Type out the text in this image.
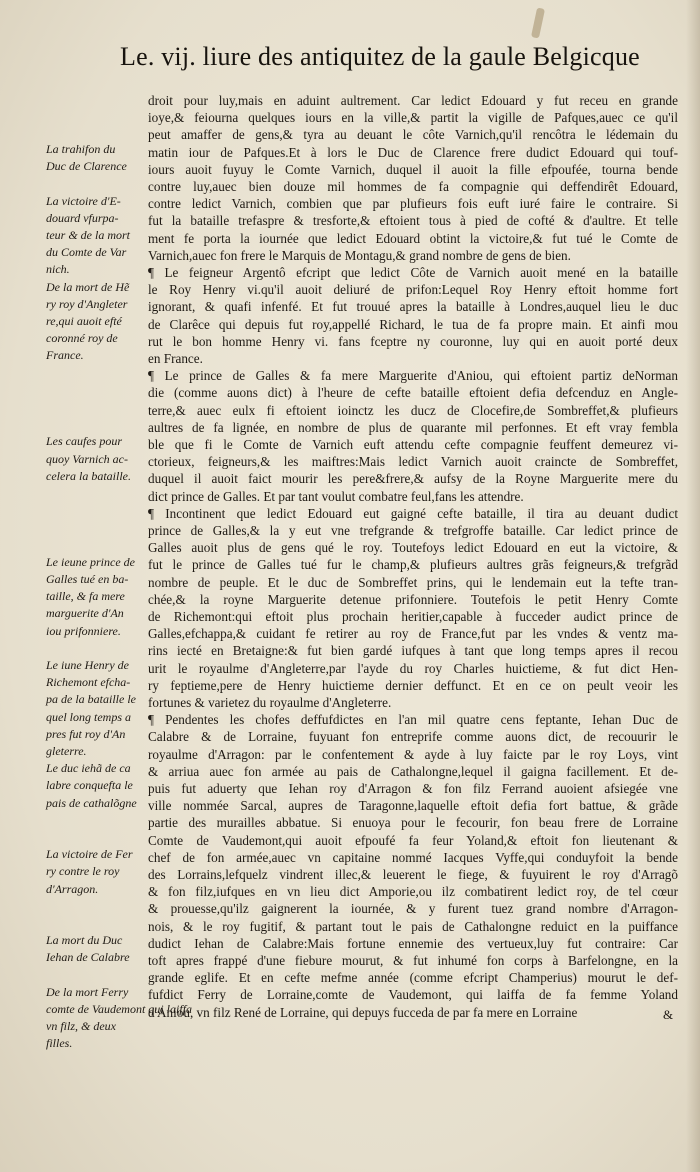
Le. vij. liure des antiquitez de la gaule Belgicque
droit pour luy,mais en aduint aultrement. Car ledict Edouard y fut receu en grande
ioye,& feiourna quelques iours en la ville,& partit la vigille de Pafques,auec ce qu'il
peut amaffer de gens,& tyra au deuant le côte Varnich,qu'il rencôtra le lédemain du
matin iour de Pafques.Et à lors le Duc de Clarence frere dudict Edouard qui touf-
iours auoit fuyuy le Comte Varnich, duquel il auoit la fille efpoufée, tourna bende
contre luy,auec bien douze mil hommes de fa compagnie qui deffendirêt Edouard,
contre ledict Varnich, combien que par plufieurs fois euft iuré faire le contraire. Si
fut la bataille trefaspre & tresforte,& eftoient tous à pied de cofté & d'aultre. Et telle
ment fe porta la iournée que ledict Edouard obtint la victoire,& fut tué le Comte de
Varnich,auec fon frere le Marquis de Montagu,& grand nombre de gens de bien.
¶ Le feigneur Argentô efcript que ledict Côte de Varnich auoit mené en la bataille
le Roy Henry vi.qu'il auoit deliuré de prifon:Lequel Roy Henry eftoit homme fort
ignorant, & quafi infenfé. Et fut trouué apres la bataille à Londres,auquel lieu le duc
de Clarêce qui depuis fut roy,appellé Richard, le tua de fa propre main. Et ainfi mou
rut le bon homme Henry vi. fans fceptre ny couronne, luy qui en auoit porté deux
en France.
¶ Le prince de Galles & fa mere Marguerite d'Aniou, qui eftoient partiz deNorman
die (comme auons dict) à l'heure de cefte bataille eftoient defia defcenduz en Angle-
terre,& auec eulx fi eftoient ioinctz les ducz de Clocefire,de Sombreffet,& plufieurs
aultres de fa lignée, en nombre de plus de quarante mil perfonnes. Et eft vray fembla
ble que fi le Comte de Varnich euft attendu cefte compagnie feuffent demeurez vi-
ctorieux, feigneurs,& les maiftres:Mais ledict Varnich auoit craincte de Sombreffet,
duquel il auoit faict mourir les pere&frere,& aufsy de la Royne Marguerite mere du
dict prince de Galles. Et par tant voulut combatre feul,fans les attendre.
¶ Incontinent que ledict Edouard eut gaigné cefte bataille, il tira au deuant dudict
prince de Galles,& la y eut vne trefgrande & trefgroffe bataille. Car ledict prince de
Galles auoit plus de gens qué le roy. Toutefoys ledict Edouard en eut la victoire, &
fut le prince de Galles tué fur le champ,& plufieurs aultres grãs feigneurs,& trefgrãd
nombre de peuple. Et le duc de Sombreffet prins, qui le lendemain eut la tefte tran-
chée,& la royne Marguerite detenue prifonniere. Toutefois le petit Henry Comte
de Richemont:qui eftoit plus prochain heritier,capable à fucceder audict prince de
Galles,efchappa,& cuidant fe retirer au roy de France,fut par les vndes & ventz ma-
rins iecté en Bretaigne:& fut bien gardé iufques à tant que long temps apres il recou
urit le royaulme d'Angleterre,par l'ayde du roy Charles huictieme, & fut dict Hen-
ry feptieme,pere de Henry huictieme dernier deffunct. Et en ce on peult veoir les
fortunes & varietez du royaulme d'Angleterre.
¶ Pendentes les chofes deffufdictes en l'an mil quatre cens feptante, Iehan Duc de
Calabre & de Lorraine, fuyuant fon entreprife comme auons dict, de recouurir le
royaulme d'Arragon: par le confentement & ayde à luy faicte par le roy Loys, vint
& arriua auec fon armée au pais de Cathalongne,lequel il gaigna facillement. Et de-
puis fut aduerty que Iehan roy d'Arragon & fon filz Ferrand auoient afsiegée vne
ville nommée Sarcal, aupres de Taragonne,laquelle eftoit defia fort battue, & grãde
partie des murailles abbatue. Si enuoya pour le fecourir, fon beau frere de Lorraine
Comte de Vaudemont,qui auoit efpoufé fa feur Yoland,& eftoit fon lieutenant &
chef de fon armée,auec vn capitaine nommé Iacques Vyffe,qui conduyfoit la bende
des Lorrains,lefquelz vindrent illec,& leuerent le fiege, & fuyuirent le roy d'Arragõ
& fon filz,iufques en vn lieu dict Amporie,ou ilz combatirent ledict roy, de tel cœur
& prouesse,qu'ilz gaignerent la iournée, & y furent tuez grand nombre d'Arragon-
nois, & le roy fugitif, & partant tout le pais de Cathalongne reduict en la puiffance
dudict Iehan de Calabre:Mais fortune ennemie des vertueux,luy fut contraire: Car
toft apres frappé d'une fiebure mourut, & fut inhumé fon corps à Barfelongne, en la
grande eglife. Et en cefte mefme année (comme efcript Champerius) mourut le def-
fufdict Ferry de Lorraine,comte de Vaudemont, qui laiffa de fa femme Yoland
d'Aniou, vn filz René de Lorraine, qui depuys fucceda de par fa mere en Lorraine
La trahifon du
Duc de Clarence
La victoire d'E-
douard vfurpa-
teur & de la mort
du Comte de Var
nich.
De la mort de Hẽ
ry roy d'Angleter
re,qui auoit efté
coronné roy de
France.
Les caufes pour
quoy Varnich ac-
celera la bataille.
Le ieune prince de
Galles tué en ba-
taille, & fa mere
marguerite d'An
iou prifonniere.
Le iune Henry de
Richemont efcha-
pa de la bataille le
quel long temps a
pres fut roy d'An
gleterre.
Le duc iehã de ca
labre conquefta le
pais de cathalõgne
La victoire de Fer
ry contre le roy
d'Arragon.
La mort du Duc
Iehan de Calabre
De la mort Ferry
comte de Vaudemont qui laiffa
vn filz, & deux
filles.
&
